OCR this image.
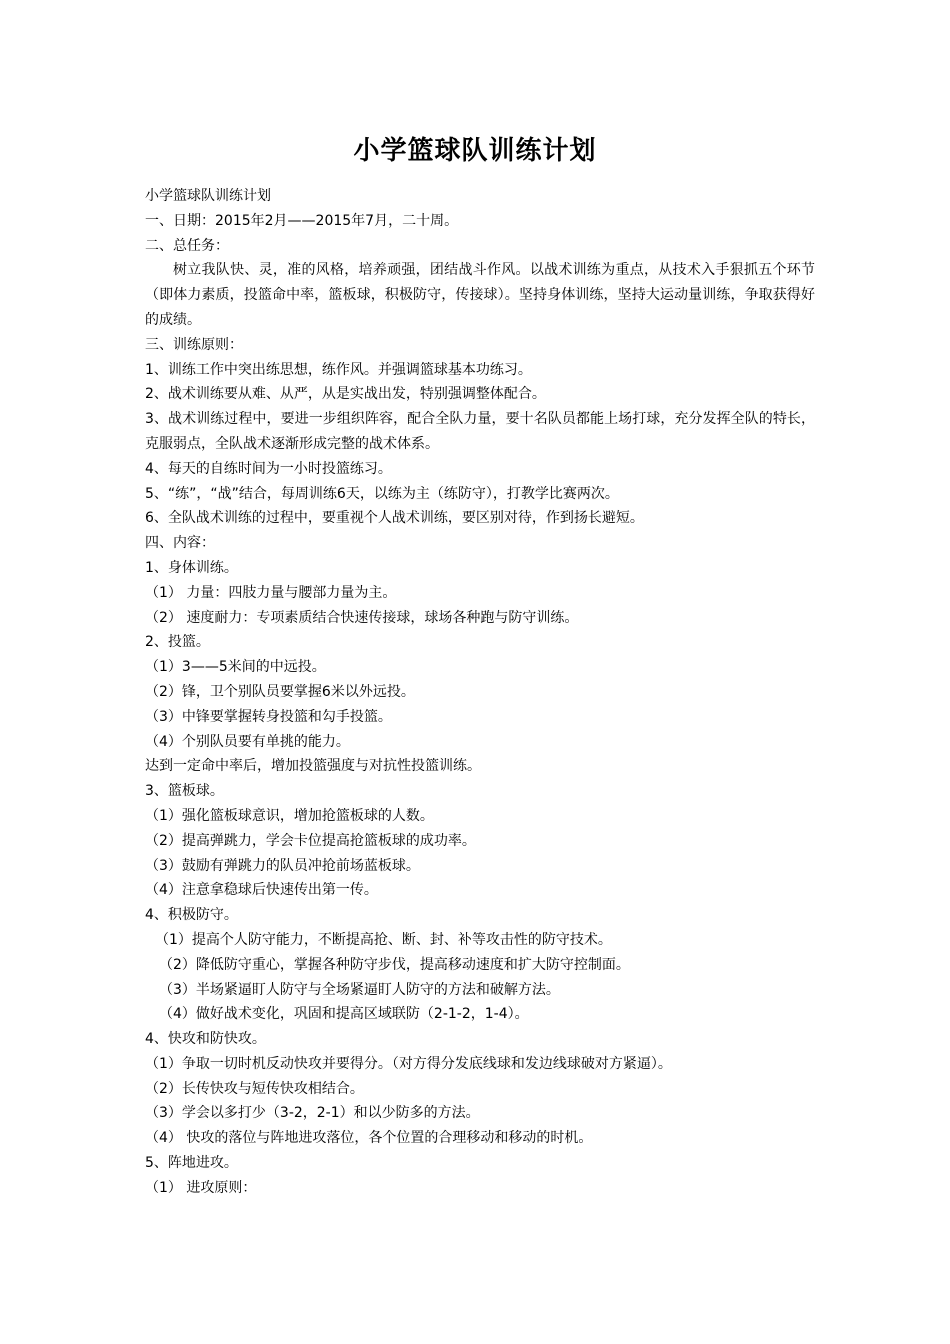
小学篮球队训练计划
小学篮球队训练计划
一、日期：2015年2月——2015年7月，二十周。
二、总任务：
树立我队快、灵，准的风格，培养顽强，团结战斗作风。以战术训练为重点，从技术入手狠抓五个环节（即体力素质，投篮命中率，篮板球，积极防守，传接球）。坚持身体训练，坚持大运动量训练，争取获得好的成绩。
三、训练原则：
1、训练工作中突出练思想，练作风。并强调篮球基本功练习。
2、战术训练要从难、从严，从是实战出发，特别强调整体配合。
3、战术训练过程中，要进一步组织阵容，配合全队力量，要十名队员都能上场打球，充分发挥全队的特长，克服弱点，全队战术逐渐形成完整的战术体系。
4、每天的自练时间为一小时投篮练习。
5、“练”，“战”结合，每周训练6天，以练为主（练防守），打教学比赛两次。
6、全队战术训练的过程中，要重视个人战术训练，要区别对待，作到扬长避短。
四、内容：
1、身体训练。
（1） 力量：四肢力量与腰部力量为主。
（2） 速度耐力：专项素质结合快速传接球，球场各种跑与防守训练。
2、投篮。
（1）3——5米间的中远投。
（2）锋，卫个别队员要掌握6米以外远投。
（3）中锋要掌握转身投篮和勾手投篮。
（4）个别队员要有单挑的能力。
达到一定命中率后，增加投篮强度与对抗性投篮训练。
3、篮板球。
（1）强化篮板球意识，增加抢篮板球的人数。
（2）提高弹跳力，学会卡位提高抢篮板球的成功率。
（3）鼓励有弹跳力的队员冲抢前场蓝板球。
（4）注意拿稳球后快速传出第一传。
4、积极防守。
（1）提高个人防守能力，不断提高抢、断、封、补等攻击性的防守技术。
（2）降低防守重心，掌握各种防守步伐，提高移动速度和扩大防守控制面。
（3）半场紧逼盯人防守与全场紧逼盯人防守的方法和破解方法。
（4）做好战术变化，巩固和提高区域联防（2-1-2，1-4）。
4、快攻和防快攻。
（1）争取一切时机反动快攻并要得分。（对方得分发底线球和发边线球破对方紧逼）。
（2）长传快攻与短传快攻相结合。
（3）学会以多打少（3-2，2-1）和以少防多的方法。
（4） 快攻的落位与阵地进攻落位，各个位置的合理移动和移动的时机。
5、阵地进攻。
（1） 进攻原则：
